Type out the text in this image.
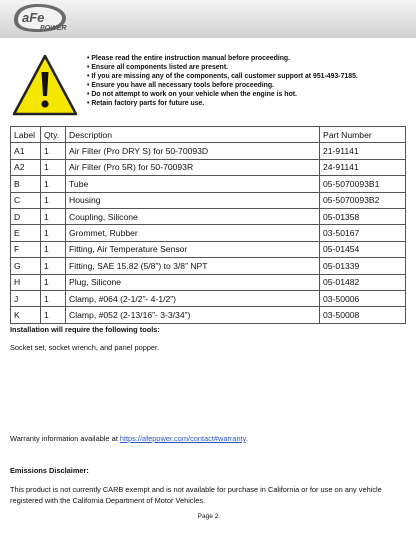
aFe
POWER
• Please read the entire instruction manual before proceeding.
• Ensure all components listed are present.
• If you are missing any of the components, call customer support at 951-493-7185.
• Ensure you have all necessary tools before proceeding.
• Do not attempt to work on your vehicle when the engine is hot.
• Retain factory parts for future use.
Label	Qty.	Description	Part Number
A1	1	Air Filter (Pro DRY S) for 50-70093D	21-91141
A2	1	Air Filter (Pro 5R) for 50-70093R	24-91141
B	1	Tube	05-5070093B1
C	1	Housing	05-5070093B2
D	1	Coupling, Silicone	05-01358
E	1	Grommet, Rubber	03-50167
F	1	Fitting, Air Temperature Sensor	05-01454
G	1	Fitting, SAE 15.82 (5/8”) to 3/8” NPT	05-01339
H	1	Plug, Silicone	05-01482
J	1	Clamp, #064 (2-1/2”- 4-1/2”)	03-50006
K	1	Clamp, #052 (2-13/16”- 3-3/34”)	03-50008
Installation will require the following tools:
Socket set, socket wrench, and panel popper.
Warranty information available at https://afepower.com/contact#warranty.
Emissions Disclaimer:
This product is not currently CARB exempt and is not available for purchase in California or for use on any vehicle registered with the California Department of Motor Vehicles.
Page 2
